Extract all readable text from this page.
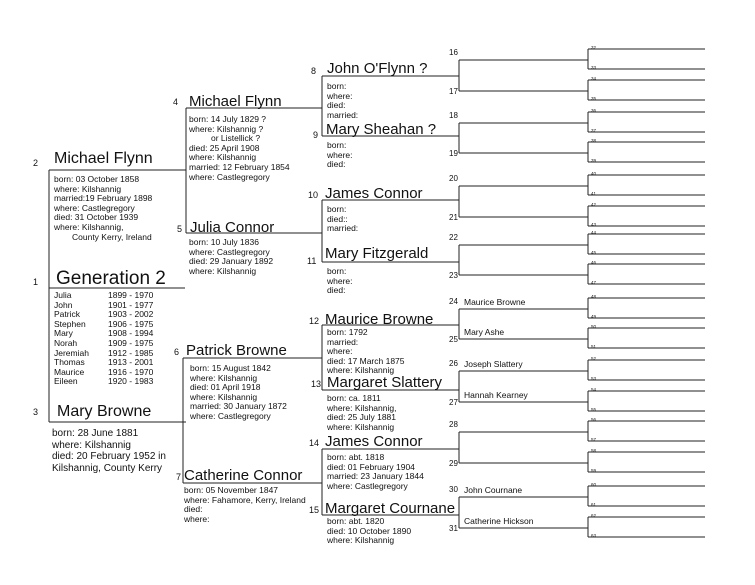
1 Generation 2
Julia	1899 - 1970
John	1901 - 1977
Patrick	1903 - 2002
Stephen	1906 - 1975
Mary	1908 - 1994
Norah	1909 - 1975
Jeremiah	1912 - 1985
Thomas	1913 - 2001
Maurice	1916 - 1970
Eileen	1920 - 1983
2 Michael Flynn
born: 03 October 1858
where: Kilshannig
married:19 February 1898
where: Castlegregory
died: 31 October 1939
where: Kilshannig,
County Kerry, Ireland
3 Mary Browne
born: 28 June 1881
where: Kilshannig
died: 20 February 1952 in
Kilshannig, County Kerry
4 Michael Flynn
born: 14 July 1829 ?
where: Kilshannig ?
or Listellick ?
died: 25 April 1908
where: Kilshannig
married: 12 February 1854
where: Castlegregory
5 Julia Connor
born: 10 July 1836
where: Castlegregory
died: 29 January 1892
where: Kilshannig
6 Patrick Browne
born: 15 August 1842
where: Kilshannig
died: 01 April 1918
where: Kilshannig
married: 30 January 1872
where: Castlegregory
7 Catherine Connor
born: 05 November 1847
where: Fahamore, Kerry, Ireland
died:
where:
8 John O'Flynn ?
born:
where:
died:
married:
9 Mary Sheahan ?
born:
where:
died:
10 James Connor
born:
died::
married:
11 Mary Fitzgerald
born:
where:
died:
12 Maurice Browne
born: 1792
married:
where:
died: 17 March 1875
where: Kilshannig
13 Margaret Slattery
born: ca. 1811
where: Kilshannig,
died: 25 July 1881
where: Kilshannig
14 James Connor
born: abt. 1818
died: 01 February 1904
married: 23 January 1844
where: Castlegregory
15 Margaret Cournane
born: abt. 1820
died: 10 October 1890
where: Kilshannig
16
17
18
19
20
21
22
23
24 Maurice Browne
25
Mary Ashe
26 Joseph Slattery
27
Hannah Kearney
28
29
30 John Cournane
31
Catherine Hickson
32
33
34
35
36
37
38
39
40
41
42
43
44
45
46
47
48
49
50
51
52
53
54
55
56
57
58
59
60
61
62
63
